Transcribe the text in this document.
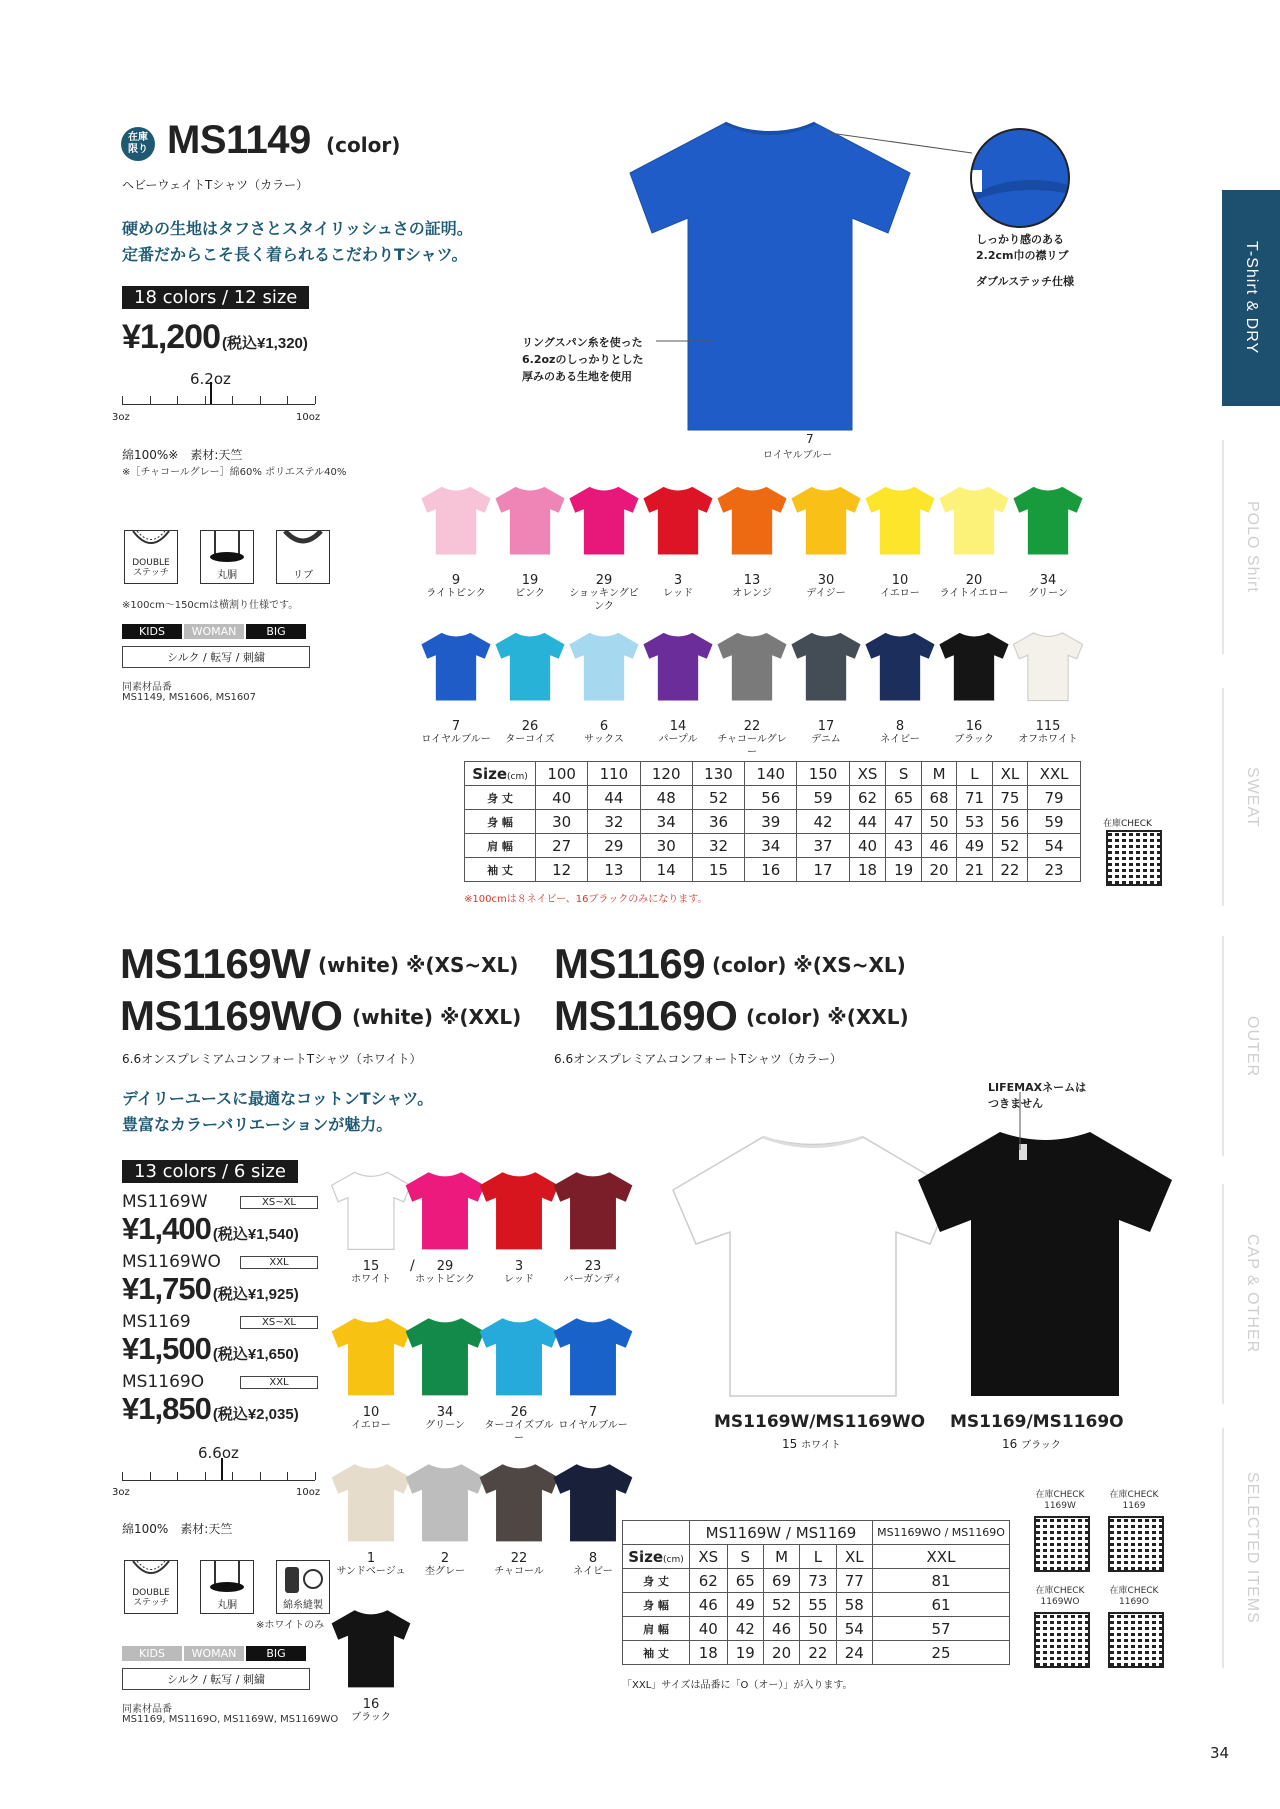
在庫
限り MS1149 (color)
ヘビーウェイトTシャツ（カラー）
硬めの生地はタフさとスタイリッシュさの証明。
定番だからこそ長く着られるこだわりTシャツ。
18 colors / 12 size
¥1,200 (税込¥1,320)
6.2oz
3oz	10oz
綿100%※　素材:天竺
※［チャコールグレー］綿60% ポリエステル40%
DOUBLE
ステッチ	丸胴	リブ
※100cm〜150cmは横割り仕様です。
KIDS	WOMAN	BIG
シルク / 転写 / 刺繍
同素材品番
MS1149, MS1606, MS1607
7
ロイヤルブルー
しっかり感のある
2.2cm巾の襟リブ
ダブルステッチ仕様
リングスパン糸を使った
6.2ozのしっかりとした
厚みのある生地を使用
9
ライトピンク
19
ピンク
29
ショッキングピンク
3
レッド
13
オレンジ
30
デイジー
10
イエロー
20
ライトイエロー
34
グリーン
7
ロイヤルブルー
26
ターコイズ
6
サックス
14
パープル
22
チャコールグレー
17
デニム
8
ネイビー
16
ブラック
115
オフホワイト
Size(cm)	100	110	120	130	140	150	XS	S	M	L	XL	XXL
身 丈	40	44	48	52	56	59	62	65	68	71	75	79
身 幅	30	32	34	36	39	42	44	47	50	53	56	59
肩 幅	27	29	30	32	34	37	40	43	46	49	52	54
袖 丈	12	13	14	15	16	17	18	19	20	21	22	23
※100cmは８ネイビー、16ブラックのみになります。
在庫CHECK
MS1169W (white) ※(XS~XL)
MS1169WO (white) ※(XXL)
MS1169 (color) ※(XS~XL)
MS1169O (color) ※(XXL)
6.6オンスプレミアムコンフォートTシャツ（ホワイト）	6.6オンスプレミアムコンフォートTシャツ（カラー）
デイリーユースに最適なコットンTシャツ。
豊富なカラーバリエーションが魅力。
13 colors / 6 size
MS1169W	XS~XL
¥1,400 (税込¥1,540)
MS1169WO	XXL
¥1,750 (税込¥1,925)
MS1169	XS~XL
¥1,500 (税込¥1,650)
MS1169O	XXL
¥1,850 (税込¥2,035)
6.6oz
3oz	10oz
綿100%　素材:天竺
DOUBLE
ステッチ	丸胴	綿糸縫製
※ホワイトのみ
KIDS	WOMAN	BIG
シルク / 転写 / 刺繍
同素材品番
MS1169, MS1169O, MS1169W, MS1169WO
15
ホワイト
29
ホットピンク
3
レッド
23
バーガンディ
10
イエロー
34
グリーン
26
ターコイズブルー
7
ロイヤルブルー
1
サンドベージュ
2
杢グレー
22
チャコール
8
ネイビー
16
ブラック
/
LIFEMAXネームは
つきません
MS1169W/MS1169WO
15 ホワイト
MS1169/MS1169O
16 ブラック
	MS1169W / MS1169					MS1169WO / MS1169O
Size(cm)	XS	S	M	L	XL	XXL
身 丈	62	65	69	73	77	81
身 幅	46	49	52	55	58	61
肩 幅	40	42	46	50	54	57
袖 丈	18	19	20	22	24	25
「XXL」サイズは品番に「O（オー）」が入ります。
在庫CHECK
1169W
在庫CHECK
1169
在庫CHECK
1169WO
在庫CHECK
1169O
T-Shirt & DRY
POLO Shirt
SWEAT
OUTER
CAP & OTHER
SELECTED ITEMS
34
